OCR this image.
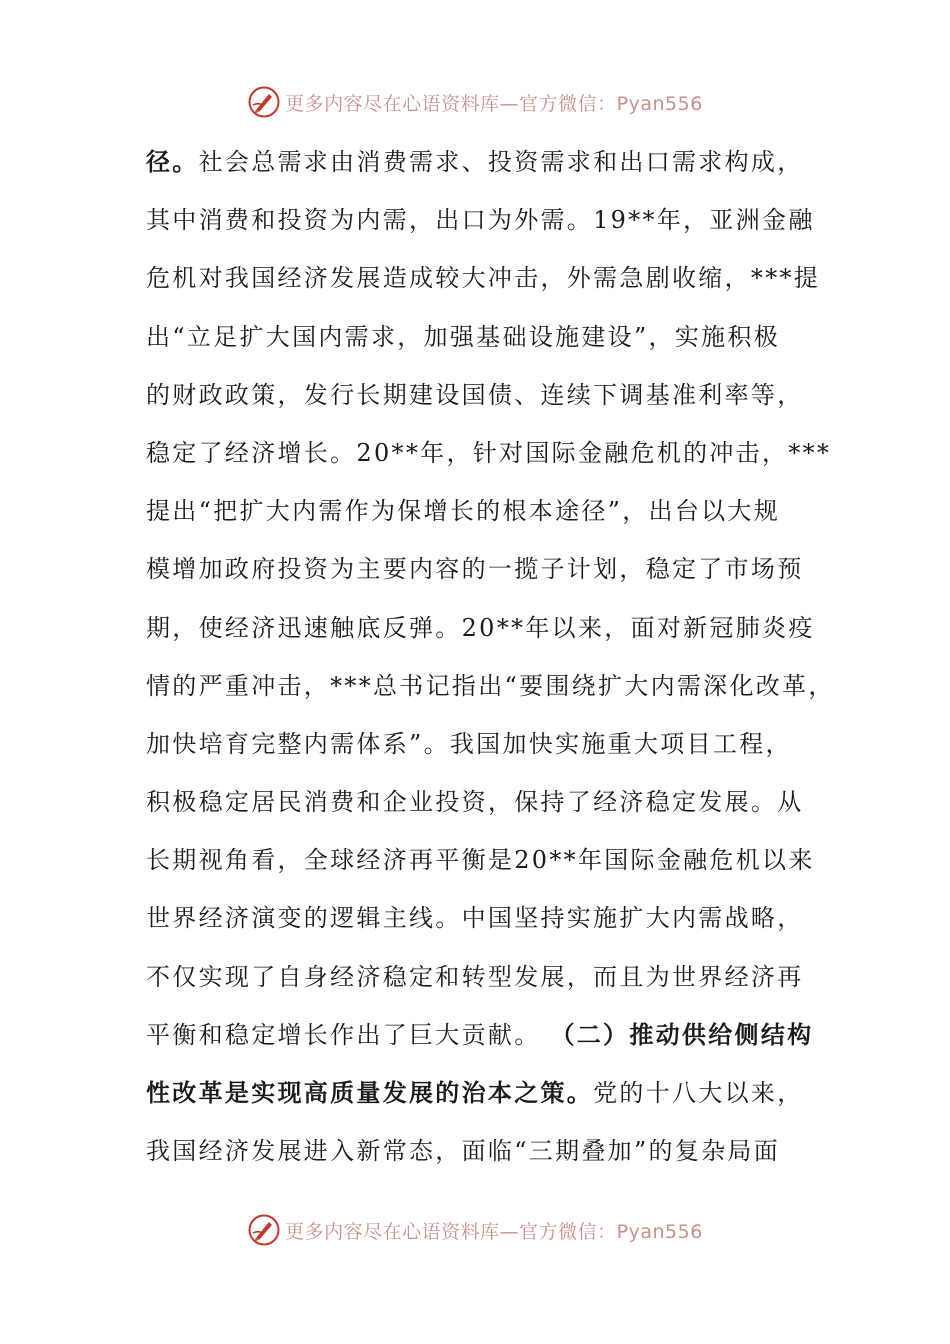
更多内容尽在心语资料库—官方微信：Pyan556
径。社会总需求由消费需求、投资需求和出口需求构成，
其中消费和投资为内需，出口为外需。19**年，亚洲金融
危机对我国经济发展造成较大冲击，外需急剧收缩，***提
出“立足扩大国内需求，加强基础设施建设”，实施积极
的财政政策，发行长期建设国债、连续下调基准利率等，
稳定了经济增长。20**年，针对国际金融危机的冲击，***
提出“把扩大内需作为保增长的根本途径”，出台以大规
模增加政府投资为主要内容的一揽子计划，稳定了市场预
期，使经济迅速触底反弹。20**年以来，面对新冠肺炎疫
情的严重冲击，***总书记指出“要围绕扩大内需深化改革，
加快培育完整内需体系”。我国加快实施重大项目工程，
积极稳定居民消费和企业投资，保持了经济稳定发展。从
长期视角看，全球经济再平衡是20**年国际金融危机以来
世界经济演变的逻辑主线。中国坚持实施扩大内需战略，
不仅实现了自身经济稳定和转型发展，而且为世界经济再
平衡和稳定增长作出了巨大贡献。 （二）推动供给侧结构
性改革是实现高质量发展的治本之策。党的十八大以来，
我国经济发展进入新常态，面临“三期叠加”的复杂局面
更多内容尽在心语资料库—官方微信：Pyan556
